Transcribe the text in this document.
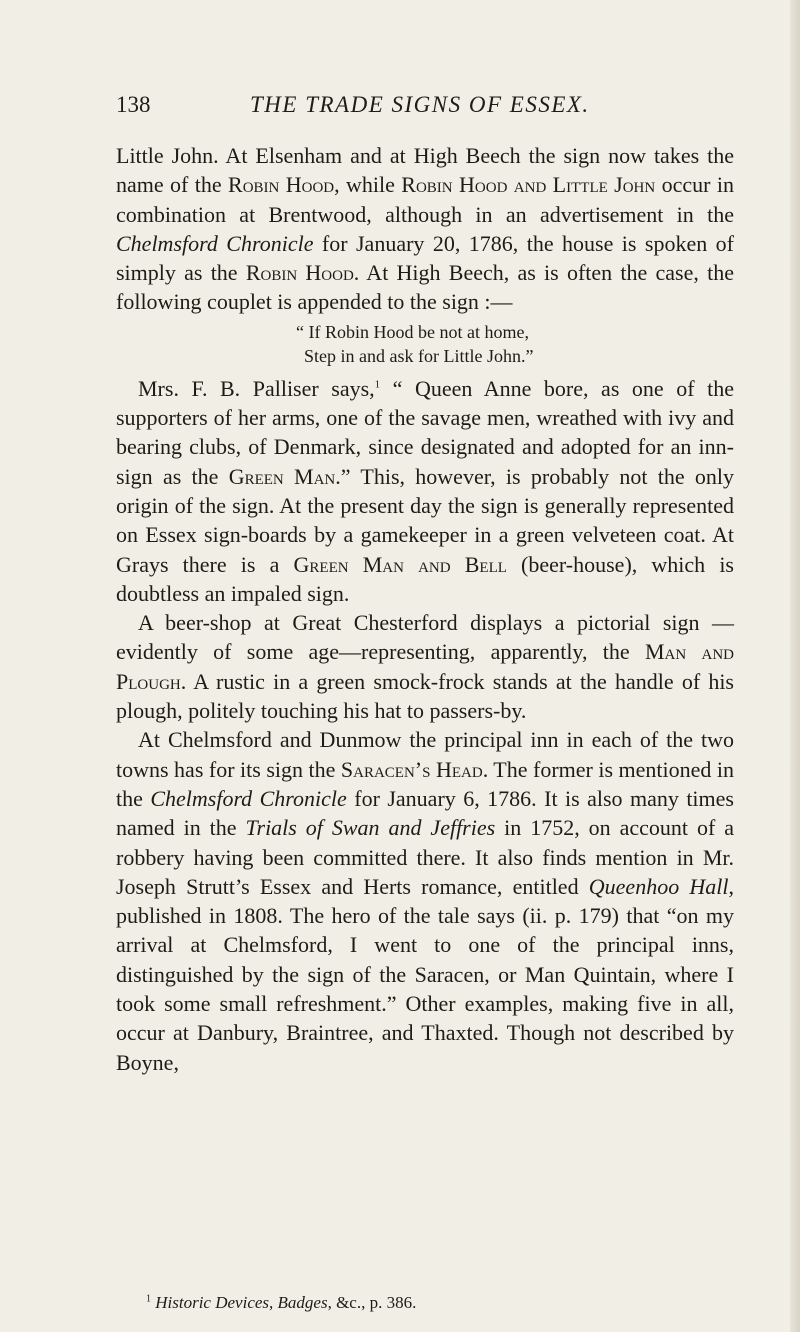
138	THE TRADE SIGNS OF ESSEX.

Little John. At Elsenham and at High Beech the sign now takes the name of the Robin Hood, while Robin Hood and Little John occur in combination at Brentwood, although in an advertisement in the Chelmsford Chronicle for January 20, 1786, the house is spoken of simply as the Robin Hood. At High Beech, as is often the case, the following couplet is appended to the sign :—

“ If Robin Hood be not at home,
Step in and ask for Little John.”

Mrs. F. B. Palliser says,$^1$ “ Queen Anne bore, as one of the supporters of her arms, one of the savage men, wreathed with ivy and bearing clubs, of Denmark, since designated and adopted for an inn-sign as the Green Man.” This, however, is probably not the only origin of the sign. At the present day the sign is generally represented on Essex sign-boards by a gamekeeper in a green velveteen coat. At Grays there is a Green Man and Bell (beer-house), which is doubtless an impaled sign.

A beer-shop at Great Chesterford displays a pictorial sign —evidently of some age—representing, apparently, the Man and Plough. A rustic in a green smock-frock stands at the handle of his plough, politely touching his hat to passers-by.

At Chelmsford and Dunmow the principal inn in each of the two towns has for its sign the Saracen’s Head. The former is mentioned in the Chelmsford Chronicle for January 6, 1786. It is also many times named in the Trials of Swan and Jeffries in 1752, on account of a robbery having been committed there. It also finds mention in Mr. Joseph Strutt’s Essex and Herts romance, entitled Queenhoo Hall, published in 1808. The hero of the tale says (ii. p. 179) that “on my arrival at Chelmsford, I went to one of the principal inns, distinguished by the sign of the Saracen, or Man Quintain, where I took some small refreshment.” Other examples, making five in all, occur at Danbury, Braintree, and Thaxted. Though not described by Boyne,

$^1$ Historic Devices, Badges, &c., p. 386.
